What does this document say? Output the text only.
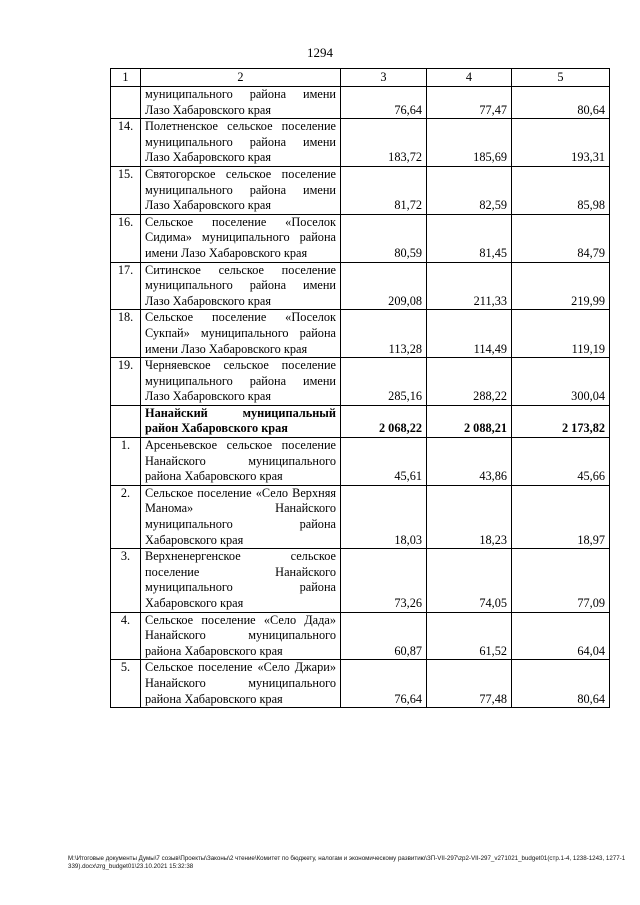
1294
1	2	3	4	5
	муниципального района имени Лазо Хабаровского края	76,64	77,47	80,64
14.	Полетненское сельское поселение муниципального района имени Лазо Хабаровского края	183,72	185,69	193,31
15.	Святогорское сельское поселение муниципального района имени Лазо Хабаровского края	81,72	82,59	85,98
16.	Сельское поселение «Поселок Сидима» муниципального района имени Лазо Хабаровского края	80,59	81,45	84,79
17.	Ситинское сельское поселение муниципального района имени Лазо Хабаровского края	209,08	211,33	219,99
18.	Сельское поселение «Поселок Сукпай» муниципального района имени Лазо Хабаровского края	113,28	114,49	119,19
19.	Черняевское сельское поселение муниципального района имени Лазо Хабаровского края	285,16	288,22	300,04
	Нанайский муниципальный район Хабаровского края	2 068,22	2 088,21	2 173,82
1.	Арсеньевское сельское поселение Нанайского муниципального района Хабаровского края	45,61	43,86	45,66
2.	Сельское поселение «Село Верхняя Манома» Нанайского муниципального района Хабаровского края	18,03	18,23	18,97
3.	Верхненергенское сельское поселение Нанайского муниципального района Хабаровского края	73,26	74,05	77,09
4.	Сельское поселение «Село Дада» Нанайского муниципального района Хабаровского края	60,87	61,52	64,04
5.	Сельское поселение «Село Джари» Нанайского муниципального района Хабаровского края	76,64	77,48	80,64
M:\Итоговые документы Думы\7 созыв\Проекты\Законы\2 чтение\Комитет по бюджету, налогам и экономическому развитию\ЗП-VII-297\zp2-VII-297_v271021_budget01(стр.1-4, 1238-1243, 1277-1339).docx\zrg_budget01\23.10.2021 15:32:38
